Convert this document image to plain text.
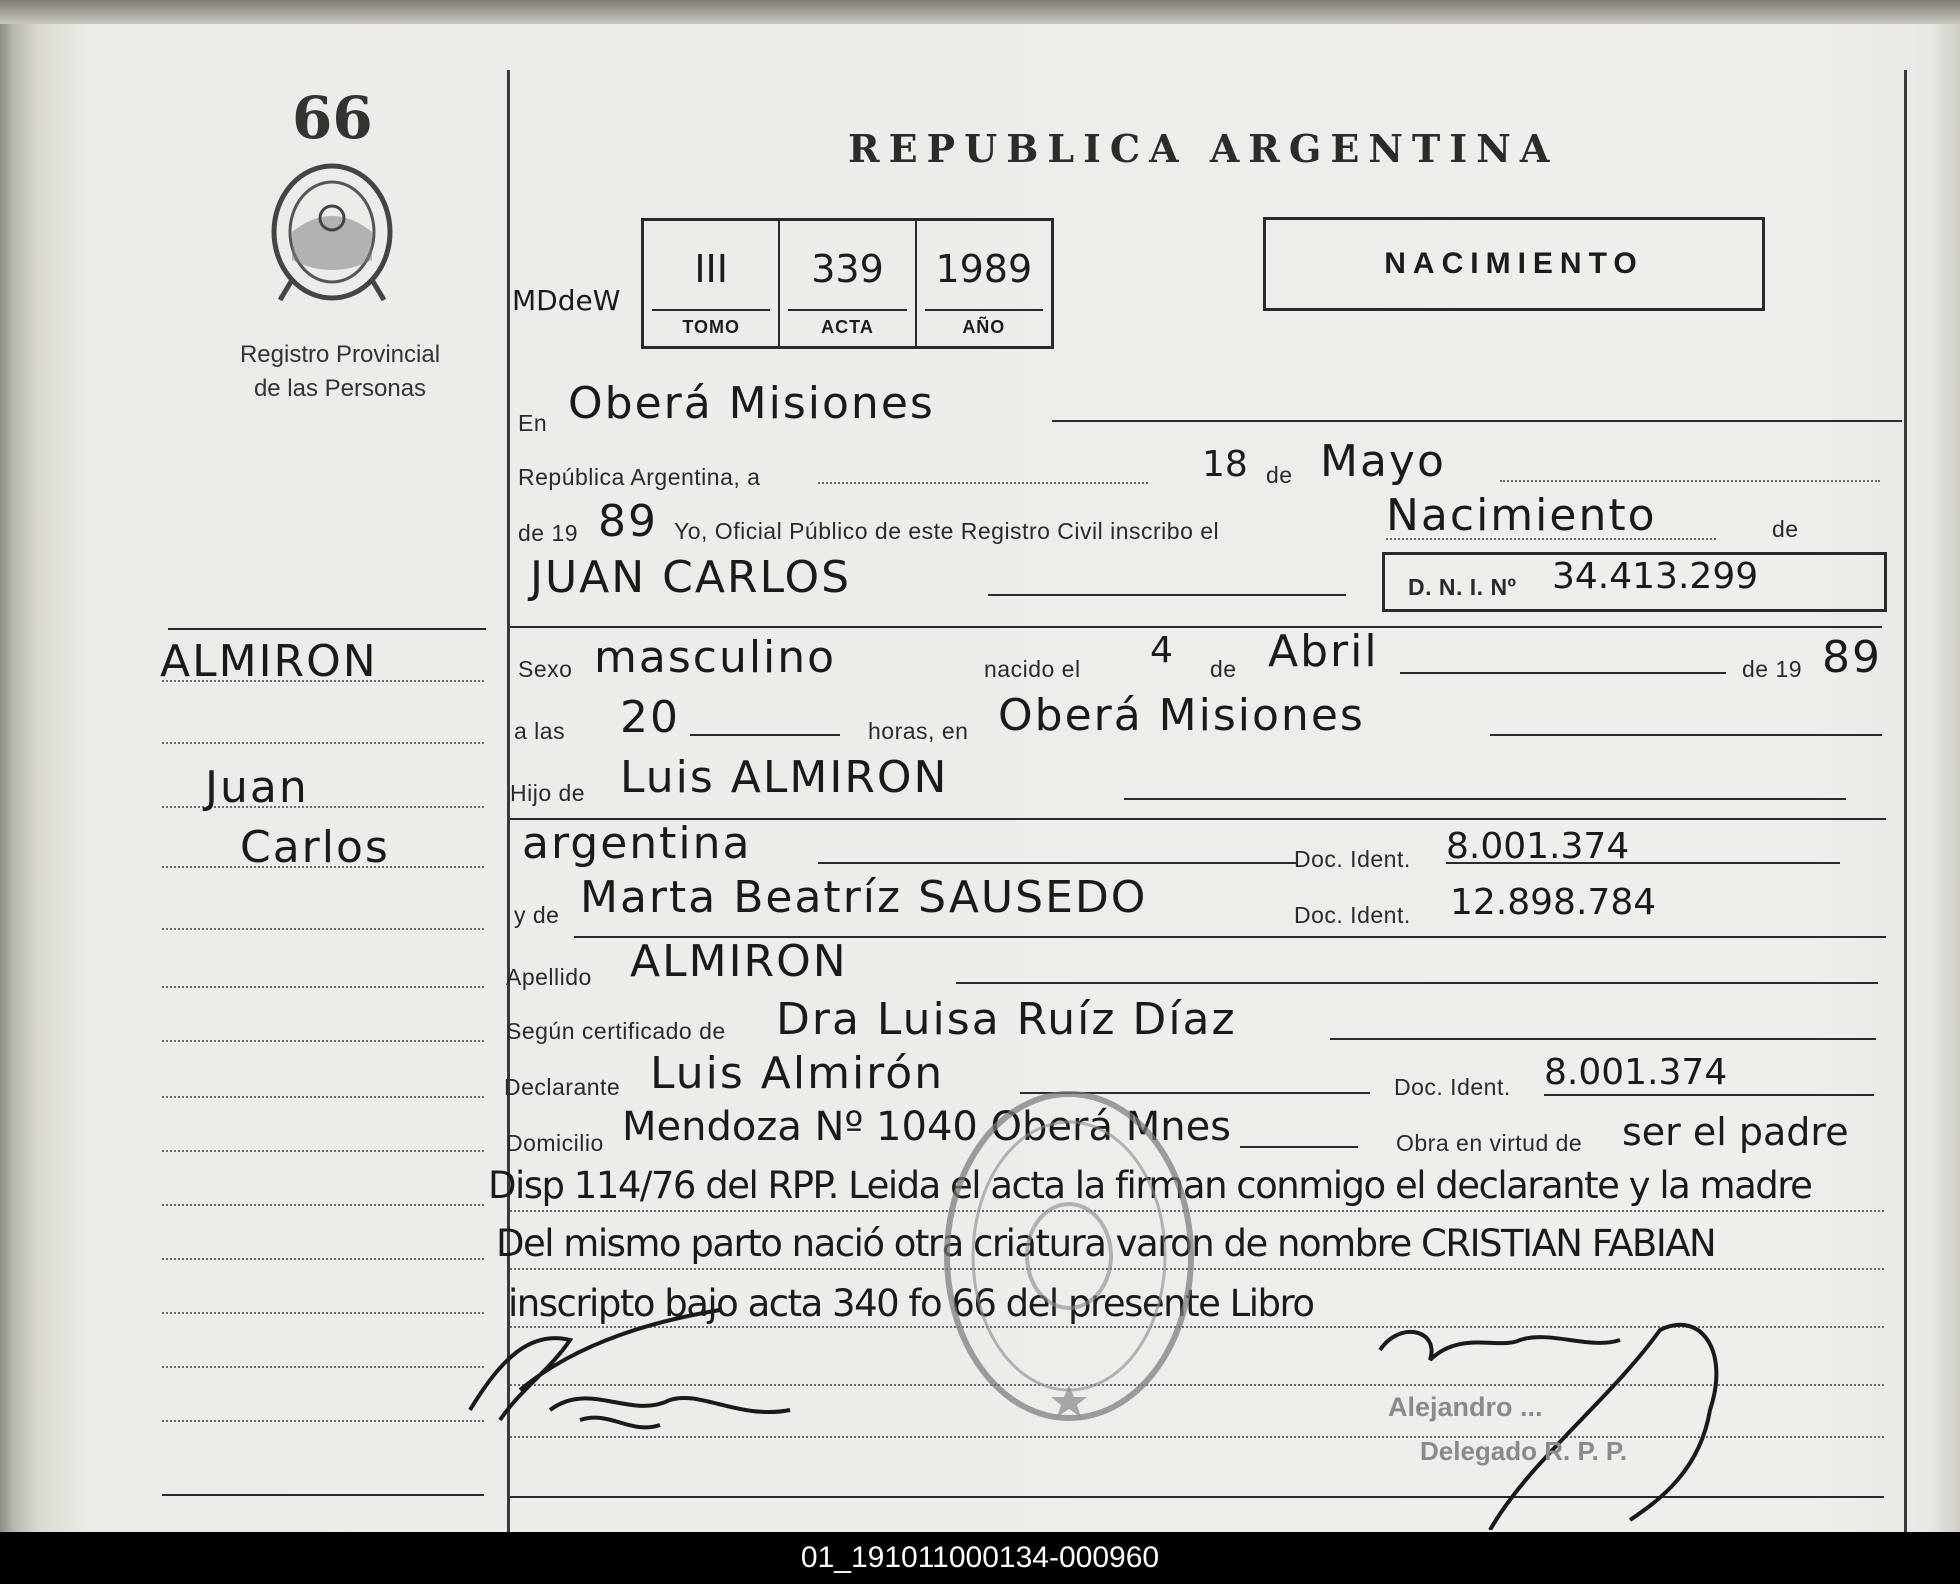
66
Registro Provincial
de las Personas
ALMIRON
Juan
Carlos
REPUBLICA ARGENTINA
MDdeW
III
TOMO
339
ACTA
1989
AÑO
NACIMIENTO
En Oberá Misiones
República Argentina, a	18 de Mayo
de 19 89 Yo, Oficial Público de este Registro Civil inscribo el	Nacimiento	de
JUAN CARLOS	D. N. I. Nº 34.413.299
Sexo masculino	nacido el 4 de Abril	de 19 89
a las 20	horas, en Oberá Misiones
Hijo de Luis ALMIRON
argentina	Doc. Ident. 8.001.374
y de Marta Beatríz SAUSEDO	Doc. Ident. 12.898.784
Apellido ALMIRON
Según certificado de Dra Luisa Ruíz Díaz
Declarante Luis Almirón	Doc. Ident. 8.001.374
Domicilio Mendoza Nº 1040 Oberá Mnes	Obra en virtud de ser el padre
Disp 114/76 del RPP. Leida el acta la firman conmigo el declarante y la madre
Del mismo parto nació otra criatura varon de nombre CRISTIAN FABIAN
inscripto bajo acta 340 fo 66 del presente Libro
Alejandro ...
Delegado R. P. P.
01_191011000134-000960
